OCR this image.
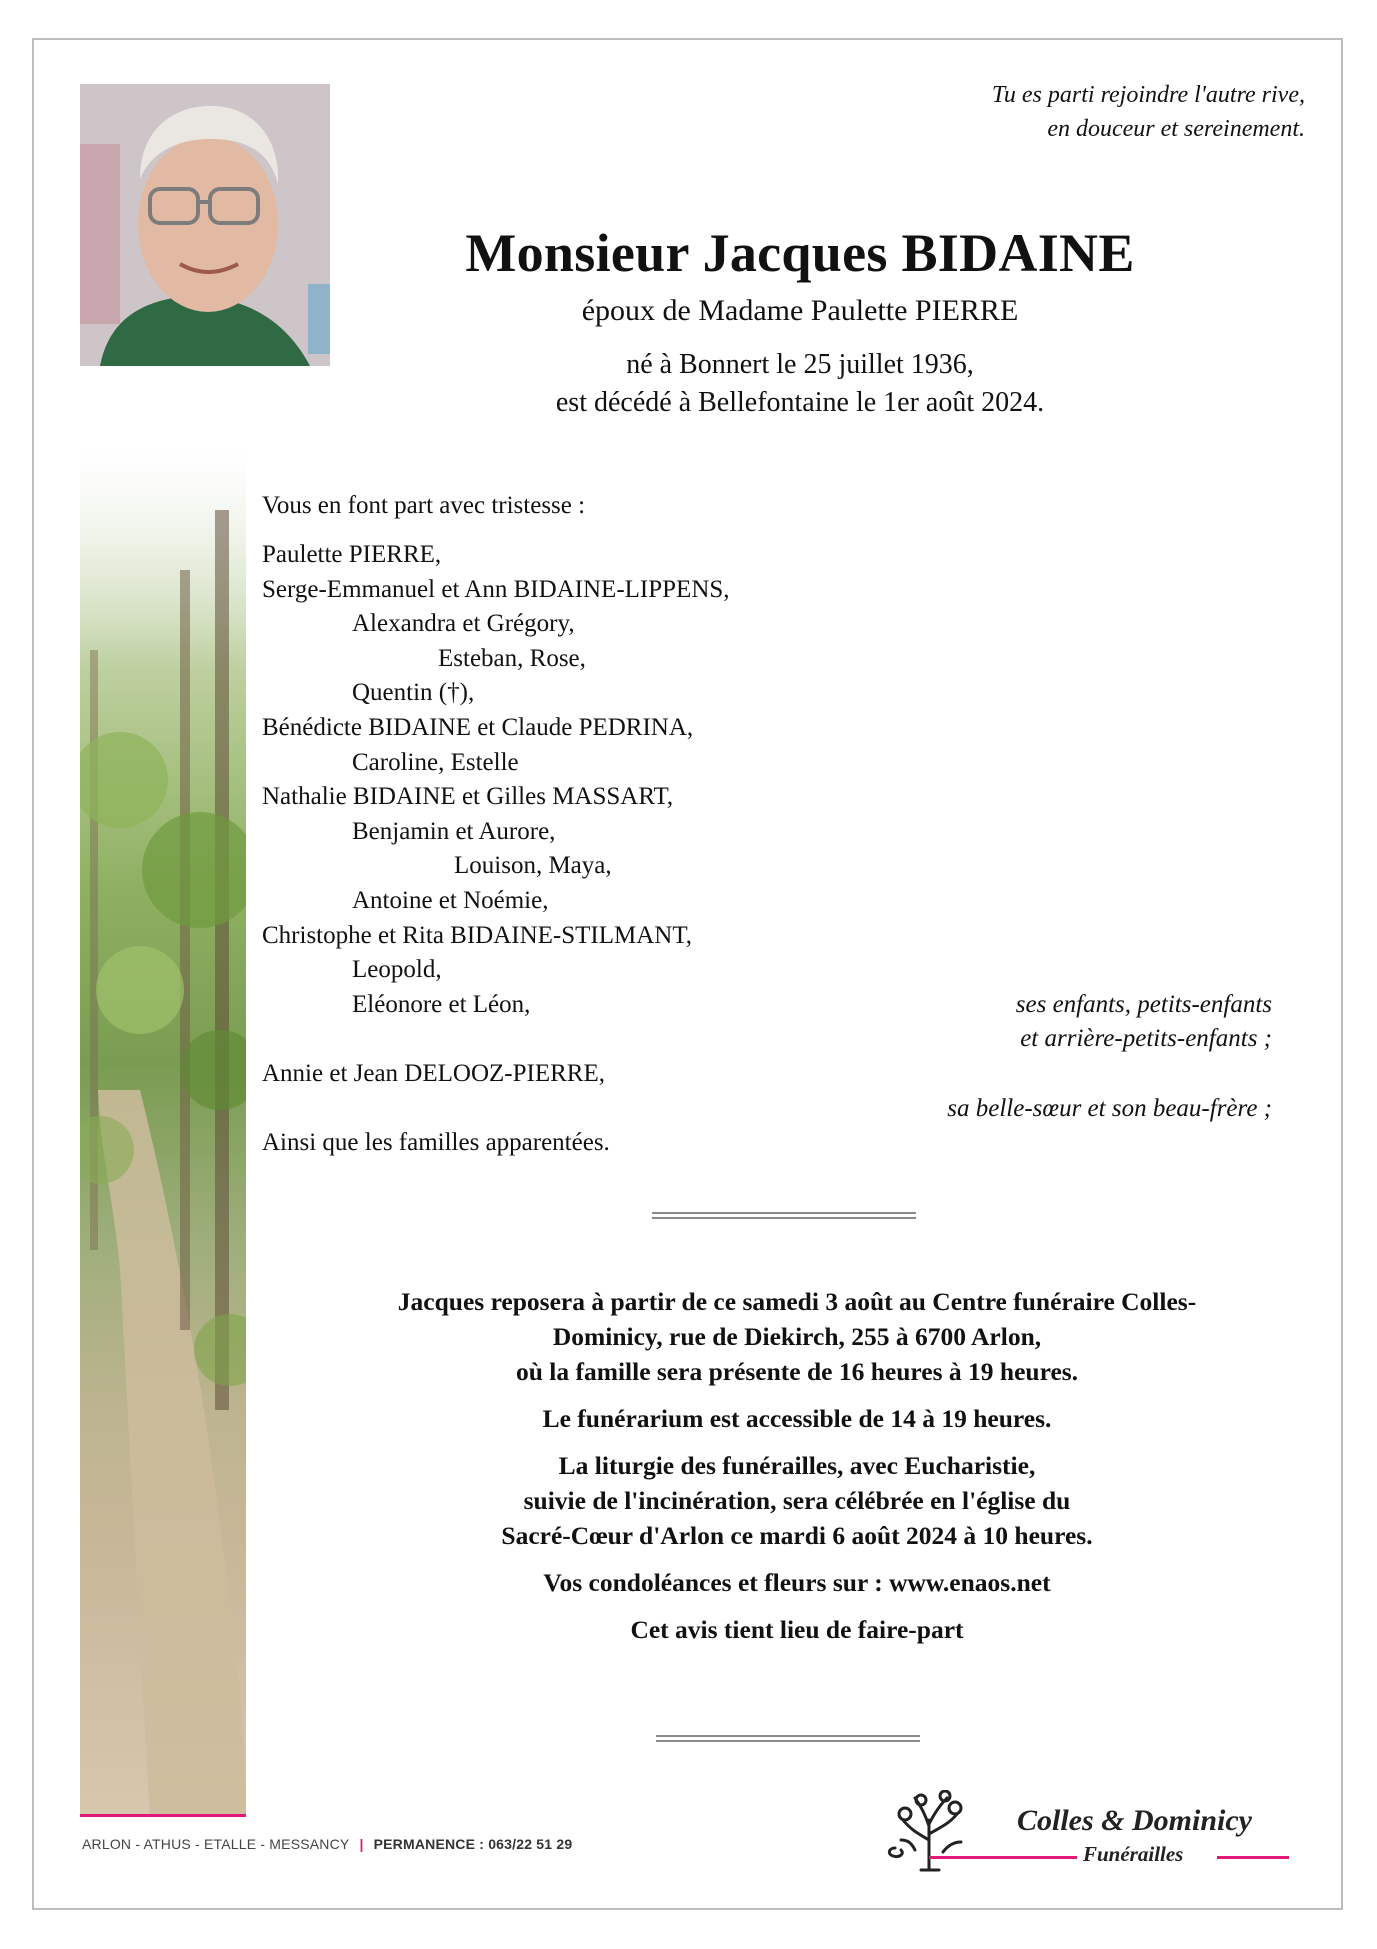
Tu es parti rejoindre l'autre rive,
en douceur et sereinement.
Monsieur Jacques BIDAINE
époux de Madame Paulette PIERRE
né à Bonnert le 25 juillet 1936,
est décédé à Bellefontaine le 1er août 2024.
Vous en font part avec tristesse :
Paulette PIERRE,
Serge-Emmanuel et Ann BIDAINE-LIPPENS,
Alexandra et Grégory,
Esteban, Rose,
Quentin (†),
Bénédicte BIDAINE et Claude PEDRINA,
Caroline, Estelle
Nathalie BIDAINE et Gilles MASSART,
Benjamin et Aurore,
Louison, Maya,
Antoine et Noémie,
Christophe et Rita BIDAINE-STILMANT,
Leopold,
Eléonore et Léon,	ses enfants, petits-enfants
et arrière-petits-enfants ;
Annie et Jean DELOOZ-PIERRE,
sa belle-sœur et son beau-frère ;
Ainsi que les familles apparentées.

Jacques reposera à partir de ce samedi 3 août au Centre funéraire Colles-
Dominicy, rue de Diekirch, 255 à 6700 Arlon,
où la famille sera présente de 16 heures à 19 heures.

Le funérarium est accessible de 14 à 19 heures.

La liturgie des funérailles, avec Eucharistie,
suivie de l'incinération, sera célébrée en l'église du
Sacré-Cœur d'Arlon ce mardi 6 août 2024 à 10 heures.

Vos condoléances et fleurs sur : www.enaos.net

Cet avis tient lieu de faire-part

ARLON - ATHUS - ETALLE - MESSANCY | PERMANENCE : 063/22 51 29
Colles & Dominicy
Funérailles
